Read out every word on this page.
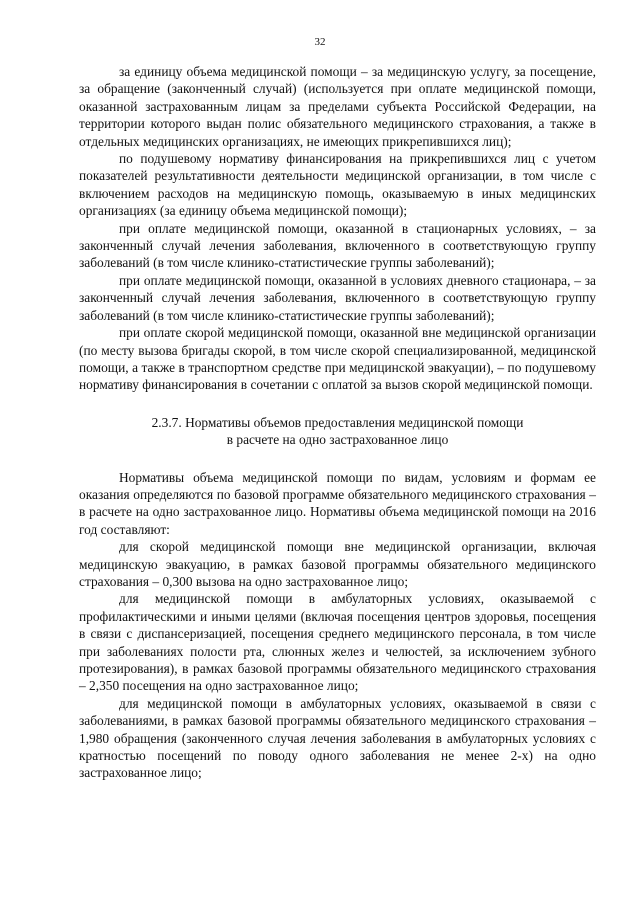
32

за единицу объема медицинской помощи – за медицинскую услугу, за посещение, за обращение (законченный случай) (используется при оплате медицинской помощи, оказанной застрахованным лицам за пределами субъекта Российской Федерации, на территории которого выдан полис обязательного медицинского страхования, а также в отдельных медицинских организациях, не имеющих прикрепившихся лиц);

по подушевому нормативу финансирования на прикрепившихся лиц с учетом показателей результативности деятельности медицинской организации, в том числе с включением расходов на медицинскую помощь, оказываемую в иных медицинских организациях (за единицу объема медицинской помощи);

при оплате медицинской помощи, оказанной в стационарных условиях, – за законченный случай лечения заболевания, включенного в соответствующую группу заболеваний (в том числе клинико-статистические группы заболеваний);

при оплате медицинской помощи, оказанной в условиях дневного стационара, – за законченный случай лечения заболевания, включенного в соответствующую группу заболеваний (в том числе клинико-статистические группы заболеваний);

при оплате скорой медицинской помощи, оказанной вне медицинской организации (по месту вызова бригады скорой, в том числе скорой специализированной, медицинской помощи, а также в транспортном средстве при медицинской эвакуации), – по подушевому нормативу финансирования в сочетании с оплатой за вызов скорой медицинской помощи.

2.3.7. Нормативы объемов предоставления медицинской помощи
в расчете на одно застрахованное лицо

Нормативы объема медицинской помощи по видам, условиям и формам ее оказания определяются по базовой программе обязательного медицинского страхования – в расчете на одно застрахованное лицо. Нормативы объема медицинской помощи на 2016 год составляют:

для скорой медицинской помощи вне медицинской организации, включая медицинскую эвакуацию, в рамках базовой программы обязательного медицинского страхования – 0,300 вызова на одно застрахованное лицо;

для медицинской помощи в амбулаторных условиях, оказываемой с профилактическими и иными целями (включая посещения центров здоровья, посещения в связи с диспансеризацией, посещения среднего медицинского персонала, в том числе при заболеваниях полости рта, слюнных желез и челюстей, за исключением зубного протезирования), в рамках базовой программы обязательного медицинского страхования – 2,350 посещения на одно застрахованное лицо;

для медицинской помощи в амбулаторных условиях, оказываемой в связи с заболеваниями, в рамках базовой программы обязательного медицинского страхования – 1,980 обращения (законченного случая лечения заболевания в амбулаторных условиях с кратностью посещений по поводу одного заболевания не менее 2-х) на одно застрахованное лицо;
